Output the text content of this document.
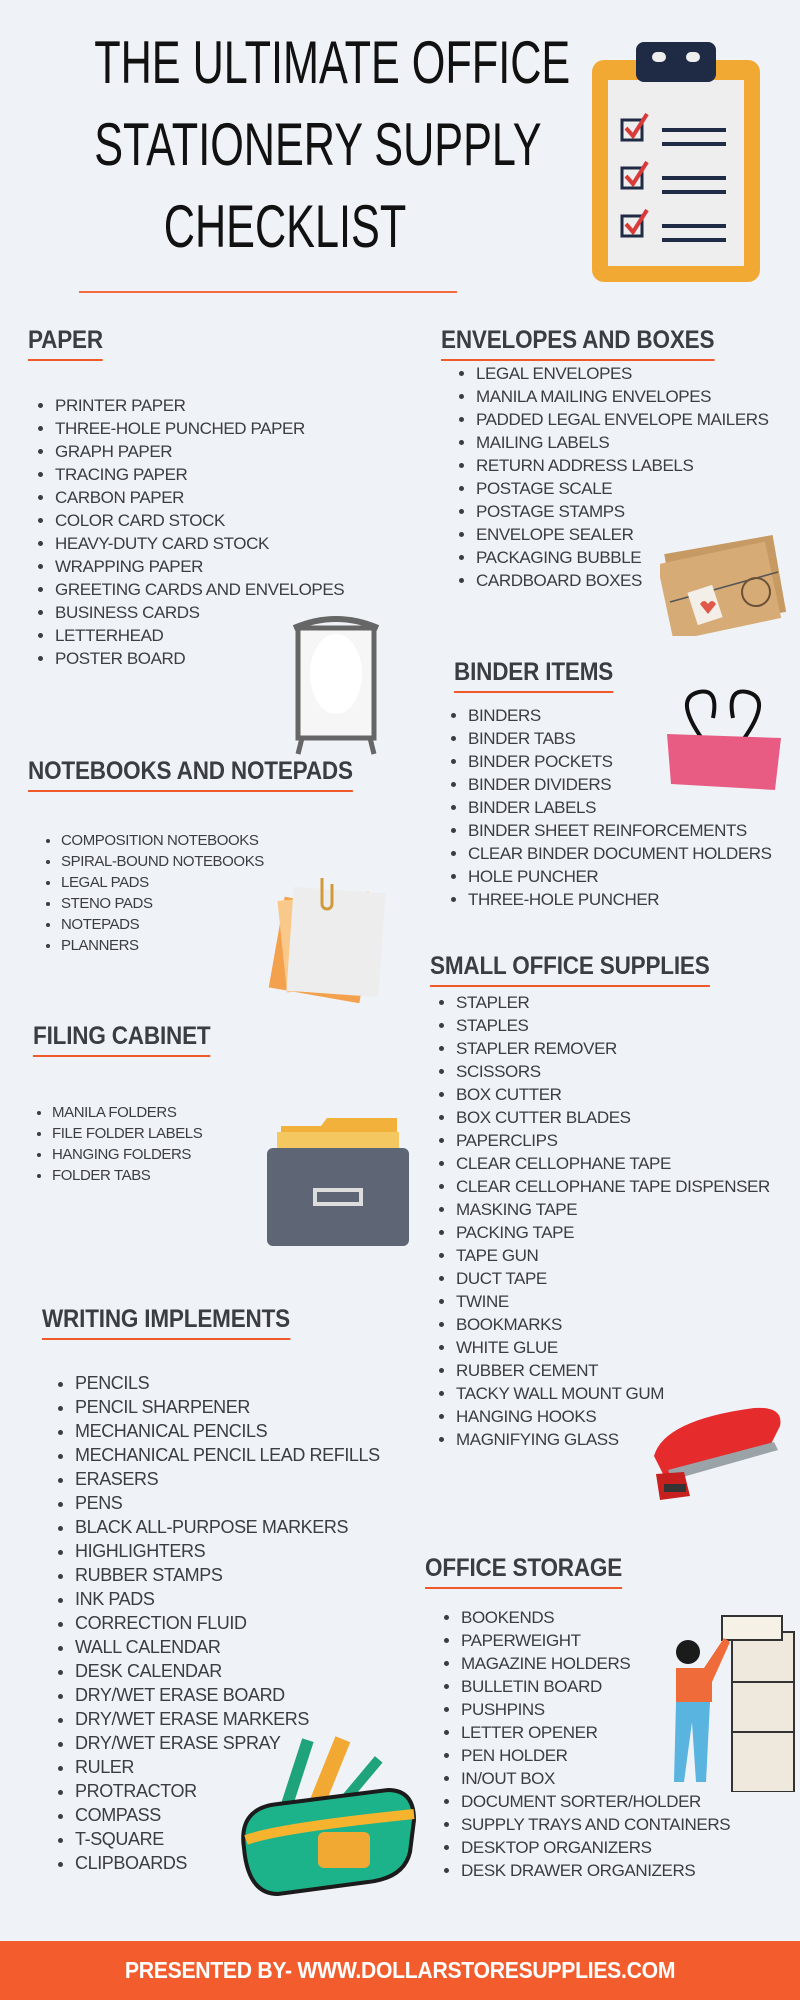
THE ULTIMATE OFFICE
STATIONERY SUPPLY
CHECKLIST
PAPER
• PRINTER PAPER
• THREE-HOLE PUNCHED PAPER
• GRAPH PAPER
• TRACING PAPER
• CARBON PAPER
• COLOR CARD STOCK
• HEAVY-DUTY CARD STOCK
• WRAPPING PAPER
• GREETING CARDS AND ENVELOPES
• BUSINESS CARDS
• LETTERHEAD
• POSTER BOARD
ENVELOPES AND BOXES
• LEGAL ENVELOPES
• MANILA MAILING ENVELOPES
• PADDED LEGAL ENVELOPE MAILERS
• MAILING LABELS
• RETURN ADDRESS LABELS
• POSTAGE SCALE
• POSTAGE STAMPS
• ENVELOPE SEALER
• PACKAGING BUBBLE
• CARDBOARD BOXES
BINDER ITEMS
• BINDERS
• BINDER TABS
• BINDER POCKETS
• BINDER DIVIDERS
• BINDER LABELS
• BINDER SHEET REINFORCEMENTS
• CLEAR BINDER DOCUMENT HOLDERS
• HOLE PUNCHER
• THREE-HOLE PUNCHER
NOTEBOOKS AND NOTEPADS
• COMPOSITION NOTEBOOKS
• SPIRAL-BOUND NOTEBOOKS
• LEGAL PADS
• STENO PADS
• NOTEPADS
• PLANNERS
SMALL OFFICE SUPPLIES
• STAPLER
• STAPLES
• STAPLER REMOVER
• SCISSORS
• BOX CUTTER
• BOX CUTTER BLADES
• PAPERCLIPS
• CLEAR CELLOPHANE TAPE
• CLEAR CELLOPHANE TAPE DISPENSER
• MASKING TAPE
• PACKING TAPE
• TAPE GUN
• DUCT TAPE
• TWINE
• BOOKMARKS
• WHITE GLUE
• RUBBER CEMENT
• TACKY WALL MOUNT GUM
• HANGING HOOKS
• MAGNIFYING GLASS
FILING CABINET
• MANILA FOLDERS
• FILE FOLDER LABELS
• HANGING FOLDERS
• FOLDER TABS
WRITING IMPLEMENTS
• PENCILS
• PENCIL SHARPENER
• MECHANICAL PENCILS
• MECHANICAL PENCIL LEAD REFILLS
• ERASERS
• PENS
• BLACK ALL-PURPOSE MARKERS
• HIGHLIGHTERS
• RUBBER STAMPS
• INK PADS
• CORRECTION FLUID
• WALL CALENDAR
• DESK CALENDAR
• DRY/WET ERASE BOARD
• DRY/WET ERASE MARKERS
• DRY/WET ERASE SPRAY
• RULER
• PROTRACTOR
• COMPASS
• T-SQUARE
• CLIPBOARDS
OFFICE STORAGE
• BOOKENDS
• PAPERWEIGHT
• MAGAZINE HOLDERS
• BULLETIN BOARD
• PUSHPINS
• LETTER OPENER
• PEN HOLDER
• IN/OUT BOX
• DOCUMENT SORTER/HOLDER
• SUPPLY TRAYS AND CONTAINERS
• DESKTOP ORGANIZERS
• DESK DRAWER ORGANIZERS
PRESENTED BY- WWW.DOLLARSTORESUPPLIES.COM
